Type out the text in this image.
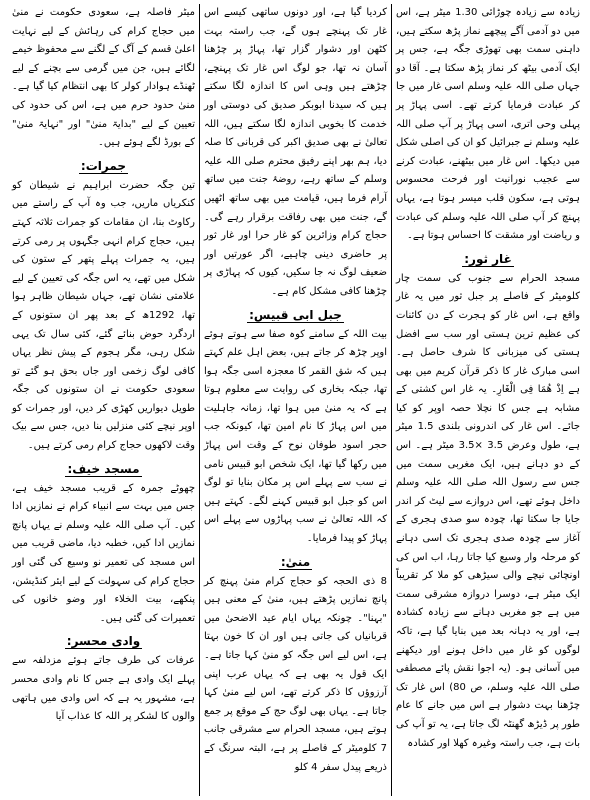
زیادہ سے زیادہ چوڑائی 1.30 میٹر ہے، اس میں دو آدمی آگے پیچھے نماز پڑھ سکتے ہیں، داہنی سمت بھی تھوڑی جگہ ہے، جس پر ایک آدمی بیٹھ کر نماز پڑھ سکتا ہے۔ آقا دو جہاں صلی اللہ علیہ وسلم اسی غار میں جا کر عبادت فرمایا کرتے تھے۔ اسی پہاڑ پر پہلی وحی اتری، اسی پہاڑ پر آپ صلی اللہ علیہ وسلم نے جبرائیل کو ان کی اصلی شکل میں دیکھا۔ اس غار میں بیٹھنے، عبادت کرنے سے عجیب نورانیت اور فرحت محسوس ہوتی ہے، سکون قلب میسر ہوتا ہے، یہاں پہنچ کر آپ صلی اللہ علیہ وسلم کی عبادت و ریاضت اور مشقت کا احساس ہوتا ہے۔

غار ثور:

مسجد الحرام سے جنوب کی سمت چار کلومیٹر کے فاصلے پر جبل ثور میں یہ غار واقع ہے، اس غار کو ہجرت کے دن کائنات کی عظیم ترین ہستی اور سب سے افضل ہستی کی میزبانی کا شرف حاصل ہے۔ اسی مبارک غار کا ذکر قرآن کریم میں بھی ہے اِذْ هُمَا فِی الْغَارِ۔ یہ غار اس کشتی کے مشابہ ہے جس کا نچلا حصہ اوپر کو کیا جائے۔ اس غار کی اندرونی بلندی 1.5 میٹر ہے، طول وعرض 3.5 ×3.5 میٹر ہے۔ اس کے دو دہانے ہیں، ایک مغربی سمت میں جس سے رسول اللہ صلی اللہ علیہ وسلم داخل ہوئے تھے، اس دروازے سے لیٹ کر اندر جایا جا سکتا تھا، چودہ سو صدی ہجری کے آغاز سے چودہ صدی ہجری تک اسی دہانے کو مرحلہ وار وسیع کیا جاتا رہا، اب اس کی اونچائی نیچے والی سیڑھی کو ملا کر تقریباً ایک میٹر ہے، دوسرا دروازہ مشرقی سمت میں ہے جو مغربی دہانے سے زیادہ کشادہ ہے، اور یہ دہانہ بعد میں بنایا گیا ہے، تاکہ لوگوں کو غار میں داخل ہونے اور دیکھنے میں آسانی ہو۔ (یہ اجوا نقش پائے مصطفی صلی اللہ علیہ وسلم، ص 80) اس غار تک چڑھنا بہت دشوار ہے اس میں جانے کا عام طور پر ڈیڑھ گھنٹہ لگ جاتا ہے، یہ تو آپ کی بات ہے، جب راستہ وغیرہ کھلا اور کشادہ

کردیا گیا ہے، اور دونوں ساتھی کیسے اس غار تک پہنچے ہوں گے، جب راستہ بہت کٹھن اور دشوار گزار تھا، پہاڑ پر چڑھنا آسان نہ تھا، جو لوگ اس غار تک پہنچے، چڑھتے ہیں وہی اس کا اندازہ لگا سکتے ہیں کہ سیدنا ابوبکر صدیق کی دوستی اور خدمت کا بخوبی اندازہ لگا سکتے ہیں، اللہ تعالیٰ نے بھی صدیق اکبر کی قربانی کا صلہ دیا، ہم بھر اپنے رفیق محترم صلی اللہ علیہ وسلم کے ساتھ رہے، روضۂ جنت میں ساتھ آرام فرما ہیں، قیامت میں بھی ساتھ اٹھیں گے، جنت میں بھی رفاقت برقرار رہے گی۔ حجاج کرام وزائرین کو غار حرا اور غار ثور پر حاضری دینی چاہیے، اگر عورتیں اور ضعیف لوگ نہ جا سکیں، کیوں کہ پہاڑی پر چڑھنا کافی مشکل کام ہے۔

جبل ابی قبیس:

بیت اللہ کے سامنے کوہ صفا سے ہوتے ہوئے اوپر چڑھ کر جاتے ہیں، بعض اہل علم کہتے ہیں کہ شق القمر کا معجزہ اسی جگہ ہوا تھا، جبکہ بخاری کی روایت سے معلوم ہوتا ہے کہ یہ منیٰ میں ہوا تھا، زمانہ جاہلیت میں اس پہاڑ کا نام امین تھا، کیونکہ جب حجر اسود طوفان نوح کے وقت اس پہاڑ میں رکھا گیا تھا، ایک شخص ابو قبیس نامی نے سب سے پہلے اس پر مکان بنایا تو لوگ اس کو جبل ابو قبیس کہنے لگے۔ کہتے ہیں کہ اللہ تعالیٰ نے سب پہاڑوں سے پہلے اس پہاڑ کو پیدا فرمایا۔

منیٰ:

8 ذی الحجہ کو حجاج کرام منیٰ پہنچ کر پانچ نمازیں پڑھتے ہیں، منیٰ کے معنی ہیں "بہنا"۔ چونکہ یہاں ایام عید الاضحیٰ میں قربانیاں کی جاتی ہیں اور ان کا خون بہتا ہے، اس لیے اس جگہ کو منیٰ کہا جاتا ہے۔ ایک قول یہ بھی ہے کہ یہاں عرب اپنی آرزوؤں کا ذکر کرتے تھے، اس لیے منیٰ کہا جاتا ہے۔ یہاں بھی لوگ حج کے موقع پر جمع ہوتے ہیں، مسجد الحرام سے مشرقی جانب 7 کلومیٹر کے فاصلے پر ہے، البتہ سرنگ کے ذریعے پیدل سفر 4 کلو

میٹر فاصلہ ہے، سعودی حکومت نے منیٰ میں حجاج کرام کی رہائش کے لیے نہایت اعلیٰ قسم کے آگ کے لگنے سے محفوظ خیمے لگائے ہیں، جن میں گرمی سے بچنے کے لیے ٹھنڈے ہوادار کولر کا بھی انتظام کیا گیا ہے۔ منیٰ حدود حرم میں ہے، اس کی حدود کی تعیین کے لیے "بدایۃ منیٰ" اور "نہایۃ منیٰ" کے بورڈ لگے ہوئے ہیں۔

جمرات:

تین جگہ حضرت ابراہیم نے شیطان کو کنکریاں ماریں، جب وہ آپ کے راستے میں رکاوٹ بنا، ان مقامات کو جمرات ثلاثہ کہتے ہیں، حجاج کرام انہی جگہوں پر رمی کرتے ہیں، یہ جمرات پہلے پتھر کے ستون کی شکل میں تھے، یہ اس جگہ کی تعیین کے لیے علامتی نشان تھے، جہاں شیطان ظاہر ہوا تھا، 1292ھ کے بعد پھر ان ستونوں کے اردگرد حوض بنائے گئے، کئی سال تک یہی شکل رہی، مگر ہجوم کے پیش نظر یہاں کافی لوگ زخمی اور جاں بحق ہو گئے تو سعودی حکومت نے ان ستونوں کی جگہ طویل دیواریں کھڑی کر دیں، اور جمرات کو اوپر نیچے کئی منزلیں بنا دیں، جس سے بیک وقت لاکھوں حجاج کرام رمی کرتے ہیں۔

مسجد خیف:

چھوٹے جمرہ کے قریب مسجد خیف ہے، جس میں بہت سے انبیاء کرام نے نمازیں ادا کیں۔ آپ صلی اللہ علیہ وسلم نے یہاں پانچ نمازیں ادا کیں، خطبہ دیا، ماضی قریب میں اس مسجد کی تعمیر نو وسیع کی گئی اور حجاج کرام کی سہولت کے لیے ایئر کنڈیشن، پنکھے، بیت الخلاء اور وضو خانوں کی تعمیرات کی گئی ہیں۔

وادی محسر:

عرفات کی طرف جاتے ہوئے مزدلفہ سے پہلے ایک وادی ہے جس کا نام وادی محسر ہے، مشہور یہ ہے کہ اس وادی میں ہاتھی والوں کا لشکر پر اللہ کا عذاب آیا
